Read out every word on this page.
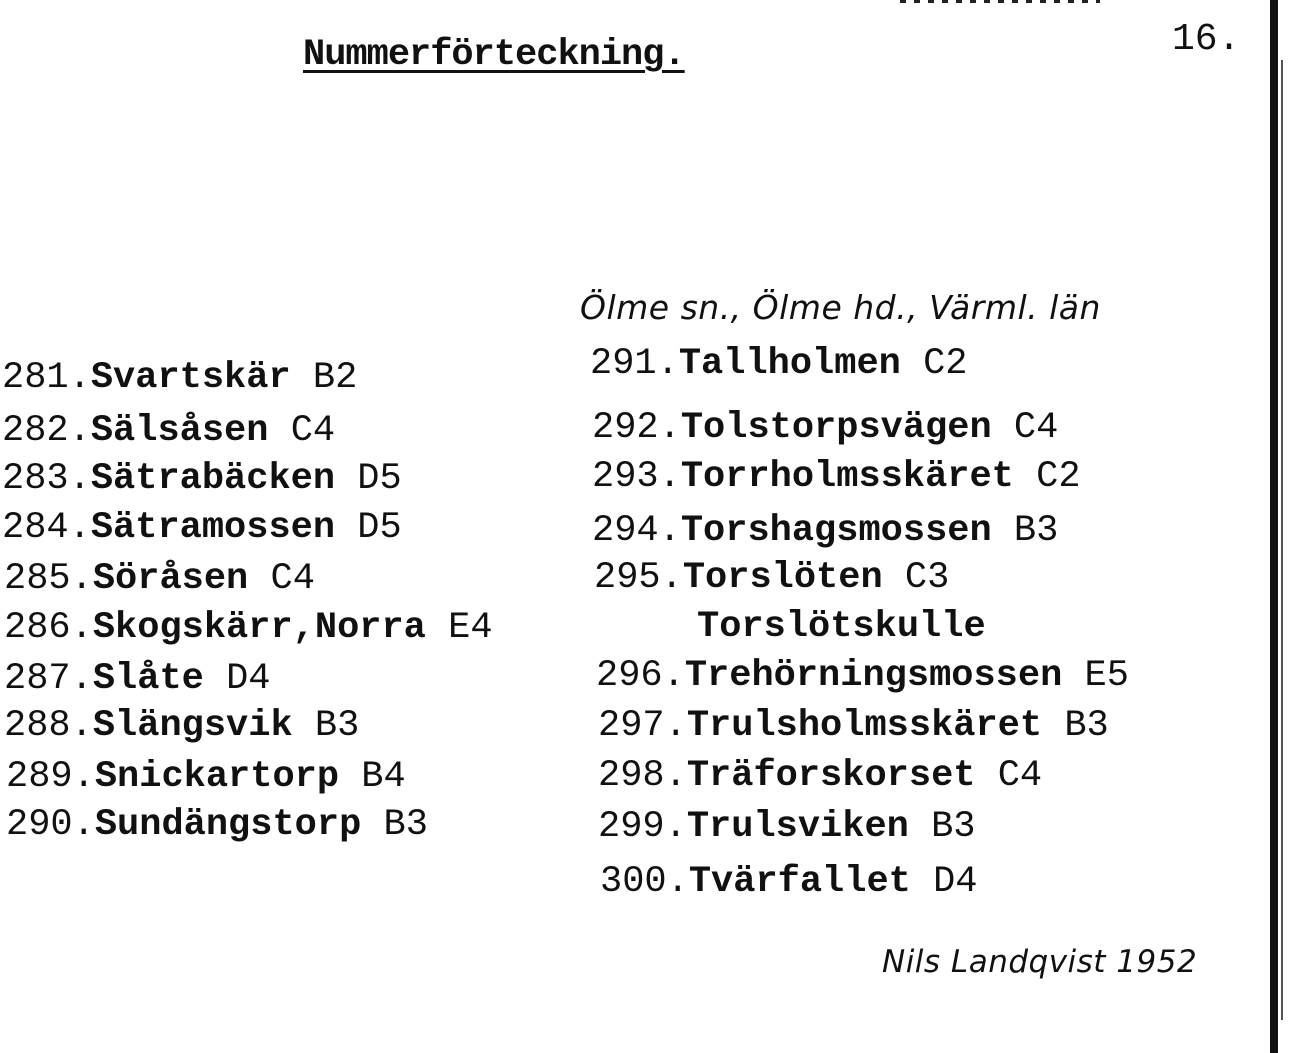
Nummerförteckning.	16.
Ölme sn., Ölme hd., Värml. län
281.Svartskär B2
282.Sälsåsen C4
283.Sätrabäcken D5
284.Sätramossen D5
285.Söråsen C4
286.Skogskärr,Norra E4
287.Slåte D4
288.Slängsvik B3
289.Snickartorp B4
290.Sundängstorp B3
291.Tallholmen C2
292.Tolstorpsvägen C4
293.Torrholmsskäret C2
294.Torshagsmossen B3
295.Torslöten C3
Torslötskulle
296.Trehörningsmossen E5
297.Trulsholmsskäret B3
298.Träforskorset C4
299.Trulsviken B3
300.Tvärfallet D4
Nils Landqvist 1952
